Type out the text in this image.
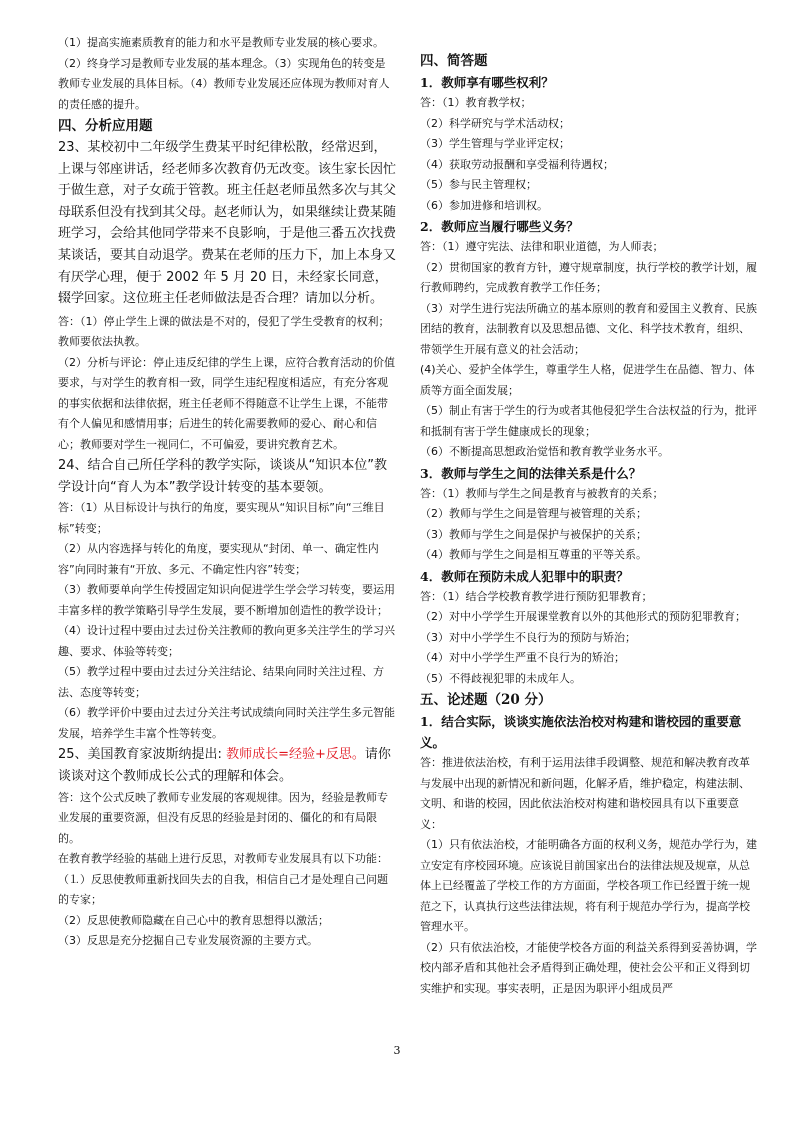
（1）提高实施素质教育的能力和水平是教师专业发展的核心要求。（2）终身学习是教师专业发展的基本理念。（3）实现角色的转变是教师专业发展的具体目标。（4）教师专业发展还应体现为教师对育人的责任感的提升。

四、分析应用题

23、某校初中二年级学生费某平时纪律松散，经常迟到，上课与邻座讲话，经老师多次教育仍无改变。该生家长因忙于做生意，对子女疏于管教。班主任赵老师虽然多次与其父母联系但没有找到其父母。赵老师认为，如果继续让费某随班学习，会给其他同学带来不良影响，于是他三番五次找费某谈话，要其自动退学。费某在老师的压力下，加上本身又有厌学心理，便于 2002 年 5 月 20 日，未经家长同意，辍学回家。这位班主任老师做法是否合理？请加以分析。

答：（1）停止学生上课的做法是不对的，侵犯了学生受教育的权利；教师要依法执教。

（2）分析与评论：停止违反纪律的学生上课，应符合教育活动的价值要求，与对学生的教育相一致，同学生违纪程度相适应，有充分客观的事实依据和法律依据，班主任老师不得随意不让学生上课，不能带有个人偏见和感情用事；后进生的转化需要教师的爱心、耐心和信心；教师要对学生一视同仁，不可偏爱，要讲究教育艺术。

24、结合自己所任学科的教学实际，谈谈从“知识本位”教学设计向“育人为本”教学设计转变的基本要领。

答：（1）从目标设计与执行的角度，要实现从“知识目标”向“三维目标”转变；

（2）从内容选择与转化的角度，要实现从“封闭、单一、确定性内容”向同时兼有“开放、多元、不确定性内容”转变；

（3）教师要单向学生传授固定知识向促进学生学会学习转变，要运用丰富多样的教学策略引导学生发展，要不断增加创造性的教学设计；

（4）设计过程中要由过去过份关注教师的教向更多关注学生的学习兴趣、要求、体验等转变；

（5）教学过程中要由过去过分关注结论、结果向同时关注过程、方法、态度等转变；

（6）教学评价中要由过去过分关注考试成绩向同时关注学生多元智能发展，培养学生丰富个性等转变。

25、美国教育家波斯纳提出: 教师成长=经验+反思。请你谈谈对这个教师成长公式的理解和体会。

答：这个公式反映了教师专业发展的客观规律。因为，经验是教师专业发展的重要资源，但没有反思的经验是封闭的、僵化的和有局限的。

在教育教学经验的基础上进行反思，对教师专业发展具有以下功能：

（⒈）反思使教师重新找回失去的自我，相信自己才是处理自己问题的专家；

（2）反思使教师隐藏在自己心中的教育思想得以激活；

（3）反思是充分挖掘自己专业发展资源的主要方式。

四、简答题

1．教师享有哪些权利？

答：（1）教育教学权；

（2）科学研究与学术活动权；

（3）学生管理与学业评定权；

（4）获取劳动报酬和享受福利待遇权；

（5）参与民主管理权；

（6）参加进修和培训权。

2．教师应当履行哪些义务？

答：（1）遵守宪法、法律和职业道德，为人师表；

（2）贯彻国家的教育方针，遵守规章制度，执行学校的教学计划，履行教师聘约，完成教育教学工作任务；

（3）对学生进行宪法所确立的基本原则的教育和爱国主义教育、民族团结的教育，法制教育以及思想品德、文化、科学技术教育，组织、带领学生开展有意义的社会活动；

(4)关心、爱护全体学生，尊重学生人格，促进学生在品德、智力、体质等方面全面发展；

（5）制止有害于学生的行为或者其他侵犯学生合法权益的行为，批评和抵制有害于学生健康成长的现象；

（6）不断提高思想政治觉悟和教育教学业务水平。

3．教师与学生之间的法律关系是什么？

答：（1）教师与学生之间是教育与被教育的关系；

（2）教师与学生之间是管理与被管理的关系；

（3）教师与学生之间是保护与被保护的关系；

（4）教师与学生之间是相互尊重的平等关系。

4．教师在预防未成人犯罪中的职责？

答：（1）结合学校教育教学进行预防犯罪教育；

（2）对中小学学生开展课堂教育以外的其他形式的预防犯罪教育；

（3）对中小学学生不良行为的预防与矫治；

（4）对中小学学生严重不良行为的矫治；

（5）不得歧视犯罪的未成年人。

五、论述题（20 分）

1．结合实际，谈谈实施依法治校对构建和谐校园的重要意义。

答：推进依法治校，有利于运用法律手段调整、规范和解决教育改革与发展中出现的新情况和新问题，化解矛盾，维护稳定，构建法制、文明、和谐的校园，因此依法治校对构建和谐校园具有以下重要意义：

（1）只有依法治校，才能明确各方面的权利义务，规范办学行为，建立安定有序校园环境。应该说目前国家出台的法律法规及规章，从总体上已经覆盖了学校工作的方方面面，学校各项工作已经置于统一规范之下，认真执行这些法律法规，将有利于规范办学行为，提高学校管理水平。

（2）只有依法治校，才能使学校各方面的利益关系得到妥善协调，学校内部矛盾和其他社会矛盾得到正确处理，使社会公平和正义得到切实维护和实现。事实表明，正是因为职评小组成员严

3
